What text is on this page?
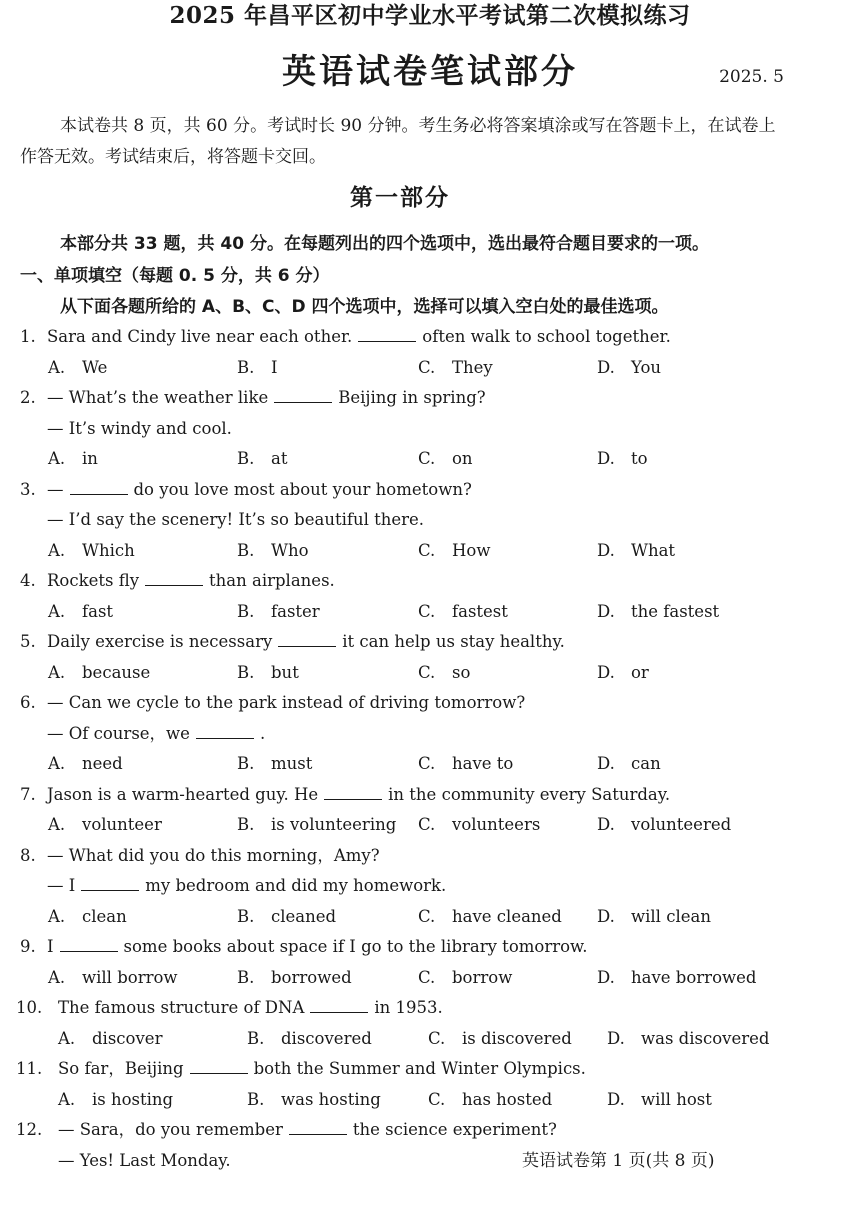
2025 年昌平区初中学业水平考试第二次模拟练习
英语试卷笔试部分	2025. 5
本试卷共 8 页，共 60 分。考试时长 90 分钟。考生务必将答案填涂或写在答题卡上，在试卷上作答无效。考试结束后，将答题卡交回。
第一部分
本部分共 33 题，共 40 分。在每题列出的四个选项中，选出最符合题目要求的一项。
一、单项填空（每题 0. 5 分，共 6 分）
从下面各题所给的 A、B、C、D 四个选项中，选择可以填入空白处的最佳选项。
1. Sara and Cindy live near each other.	often walk to school together.
A. We	B. I	C. They	D. You
2. — What’s the weather like	Beijing in spring?
— It’s windy and cool.
A. in	B. at	C. on	D. to
3. —	do you love most about your hometown?
— I’d say the scenery! It’s so beautiful there.
A. Which	B. Who	C. How	D. What
4. Rockets fly	than airplanes.
A. fast	B. faster	C. fastest	D. the fastest
5. Daily exercise is necessary	it can help us stay healthy.
A. because	B. but	C. so	D. or
6. — Can we cycle to the park instead of driving tomorrow?
— Of course，we	.
A. need	B. must	C. have to	D. can
7. Jason is a warm-hearted guy. He	in the community every Saturday.
A. volunteer	B. is volunteering C. volunteers	D. volunteered
8. — What did you do this morning，Amy?
— I	my bedroom and did my homework.
A. clean	B. cleaned	C. have cleaned D. will clean
9. I	some books about space if I go to the library tomorrow.
A. will borrow	B. borrowed	C. borrow	D. have borrowed
10. The famous structure of DNA	in 1953.
A. discover	B. discovered	C. is discovered D. was discovered
11. So far，Beijing	both the Summer and Winter Olympics.
A. is hosting	B. was hosting	C. has hosted	D. will host
12. — Sara，do you remember	the science experiment?
— Yes! Last Monday.	英语试卷第 1 页(共 8 页)
